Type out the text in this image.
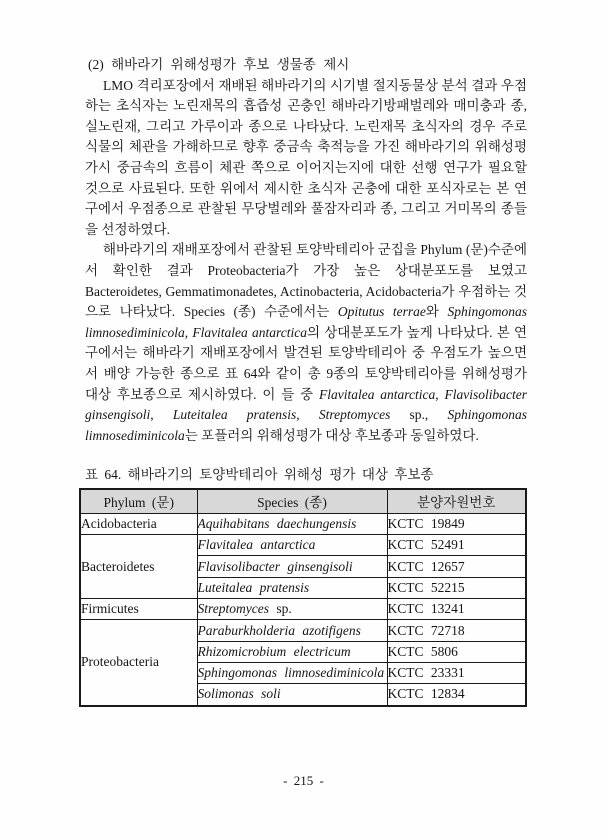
(2) 해바라기 위해성평가 후보 생물종 제시
LMO 격리포장에서 재배된 해바라기의 시기별 절지동물상 분석 결과 우점
하는 초식자는 노린재목의 흡즙성 곤충인 해바라기방패벌레와 매미충과 종,
실노린재, 그리고 가루이과 종으로 나타났다. 노린재목 초식자의 경우 주로
식물의 체관을 가해하므로 향후 중금속 축적능을 가진 해바라기의 위해성평
가시 중금속의 흐름이 체관 쪽으로 이어지는지에 대한 선행 연구가 필요할
것으로 사료된다. 또한 위에서 제시한 초식자 곤충에 대한 포식자로는 본 연
구에서 우점종으로 관찰된 무당벌레와 풀잠자리과 종, 그리고 거미목의 종들
을 선정하였다.
해바라기의 재배포장에서 관찰된 토양박테리아 군집을 Phylum (문)수준에
서 확인한 결과 Proteobacteria가 가장 높은 상대분포도를 보였고
Bacteroidetes, Gemmatimonadetes, Actinobacteria, Acidobacteria가 우점하는 것
으로 나타났다. Species (종) 수준에서는 Opitutus terrae와 Sphingomonas
limnosediminicola, Flavitalea antarctica의 상대분포도가 높게 나타났다. 본 연
구에서는 해바라기 재배포장에서 발견된 토양박테리아 중 우점도가 높으면
서 배양 가능한 종으로 표 64와 같이 총 9종의 토양박테리아를 위해성평가
대상 후보종으로 제시하였다. 이 들 중 Flavitalea antarctica, Flavisolibacter
ginsengisoli, Luteitalea pratensis, Streptomyces sp., Sphingomonas
limnosediminicola는 포플러의 위해성평가 대상 후보종과 동일하였다.
표 64. 해바라기의 토양박테리아 위해성 평가 대상 후보종
Phylum (문)	Species (종)	분양자원번호
Acidobacteria	Aquihabitans daechungensis	KCTC 19849
Bacteroidetes	Flavitalea antarctica	KCTC 52491
	Flavisolibacter ginsengisoli	KCTC 12657
	Luteitalea pratensis	KCTC 52215
Firmicutes	Streptomyces sp.	KCTC 13241
Proteobacteria	Paraburkholderia azotifigens	KCTC 72718
	Rhizomicrobium electricum	KCTC 5806
	Sphingomonas limnosediminicola	KCTC 23331
	Solimonas soli	KCTC 12834
- 215 -
